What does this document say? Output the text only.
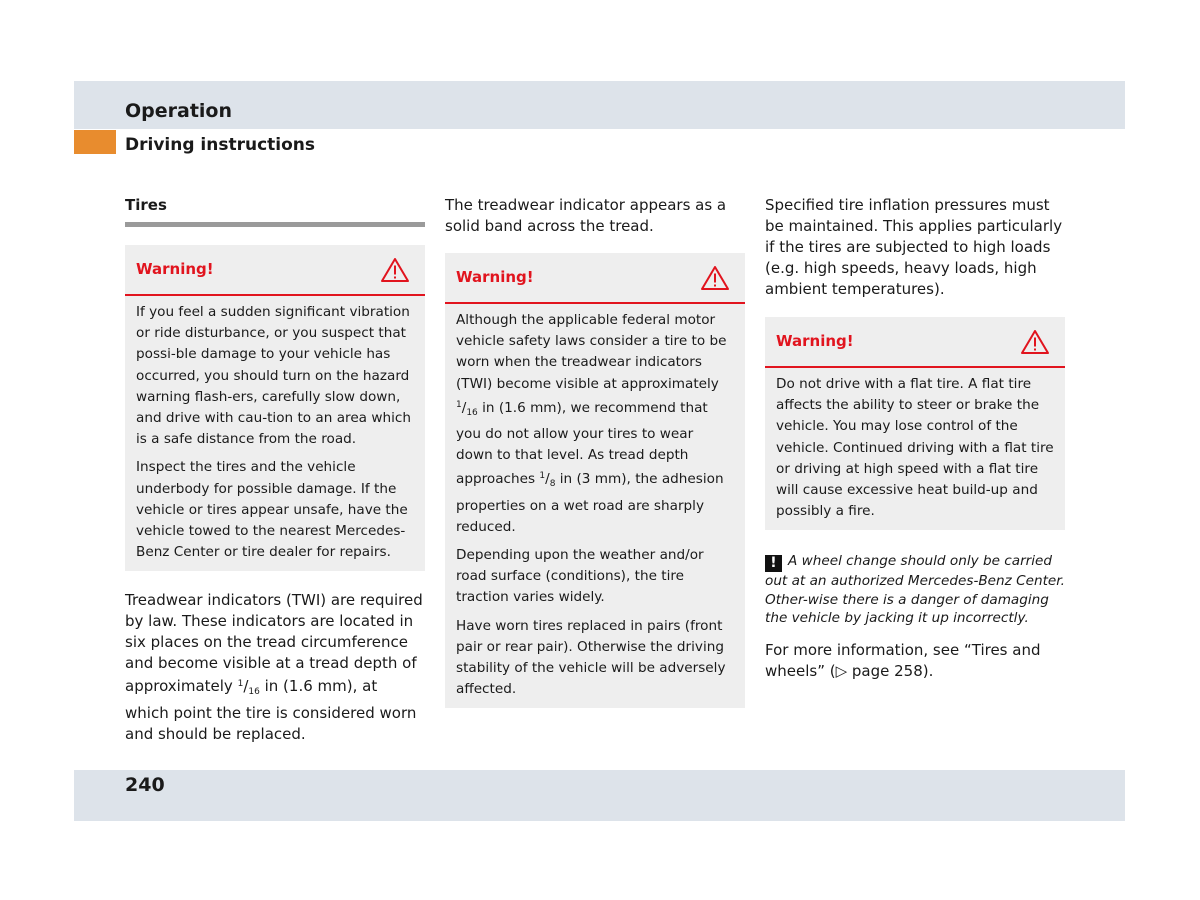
Operation
Driving instructions
Tires
Warning!

If you feel a sudden significant vibration or ride disturbance, or you suspect that possi-ble damage to your vehicle has occurred, you should turn on the hazard warning flash-ers, carefully slow down, and drive with cau-tion to an area which is a safe distance from the road.

Inspect the tires and the vehicle underbody for possible damage. If the vehicle or tires appear unsafe, have the vehicle towed to the nearest Mercedes-Benz Center or tire dealer for repairs.

Treadwear indicators (TWI) are required by law. These indicators are located in six places on the tread circumference and become visible at a tread depth of approximately $^1/_{16}$ in (1.6 mm), at which point the tire is considered worn and should be replaced.

The treadwear indicator appears as a solid band across the tread.

Warning!

Although the applicable federal motor vehicle safety laws consider a tire to be worn when the treadwear indicators (TWI) become visible at approximately $^1/_{16}$ in (1.6 mm), we recommend that you do not allow your tires to wear down to that level. As tread depth approaches $^1/_8$ in (3 mm), the adhesion properties on a wet road are sharply reduced.

Depending upon the weather and/or road surface (conditions), the tire traction varies widely.

Have worn tires replaced in pairs (front pair or rear pair). Otherwise the driving stability of the vehicle will be adversely affected.

Specified tire inflation pressures must be maintained. This applies particularly if the tires are subjected to high loads (e.g. high speeds, heavy loads, high ambient temperatures).

Warning!

Do not drive with a flat tire. A flat tire affects the ability to steer or brake the vehicle. You may lose control of the vehicle. Continued driving with a flat tire or driving at high speed with a flat tire will cause excessive heat build-up and possibly a fire.

! A wheel change should only be carried out at an authorized Mercedes-Benz Center. Other-wise there is a danger of damaging the vehicle by jacking it up incorrectly.

For more information, see “Tires and wheels” (▷ page 258).

240
